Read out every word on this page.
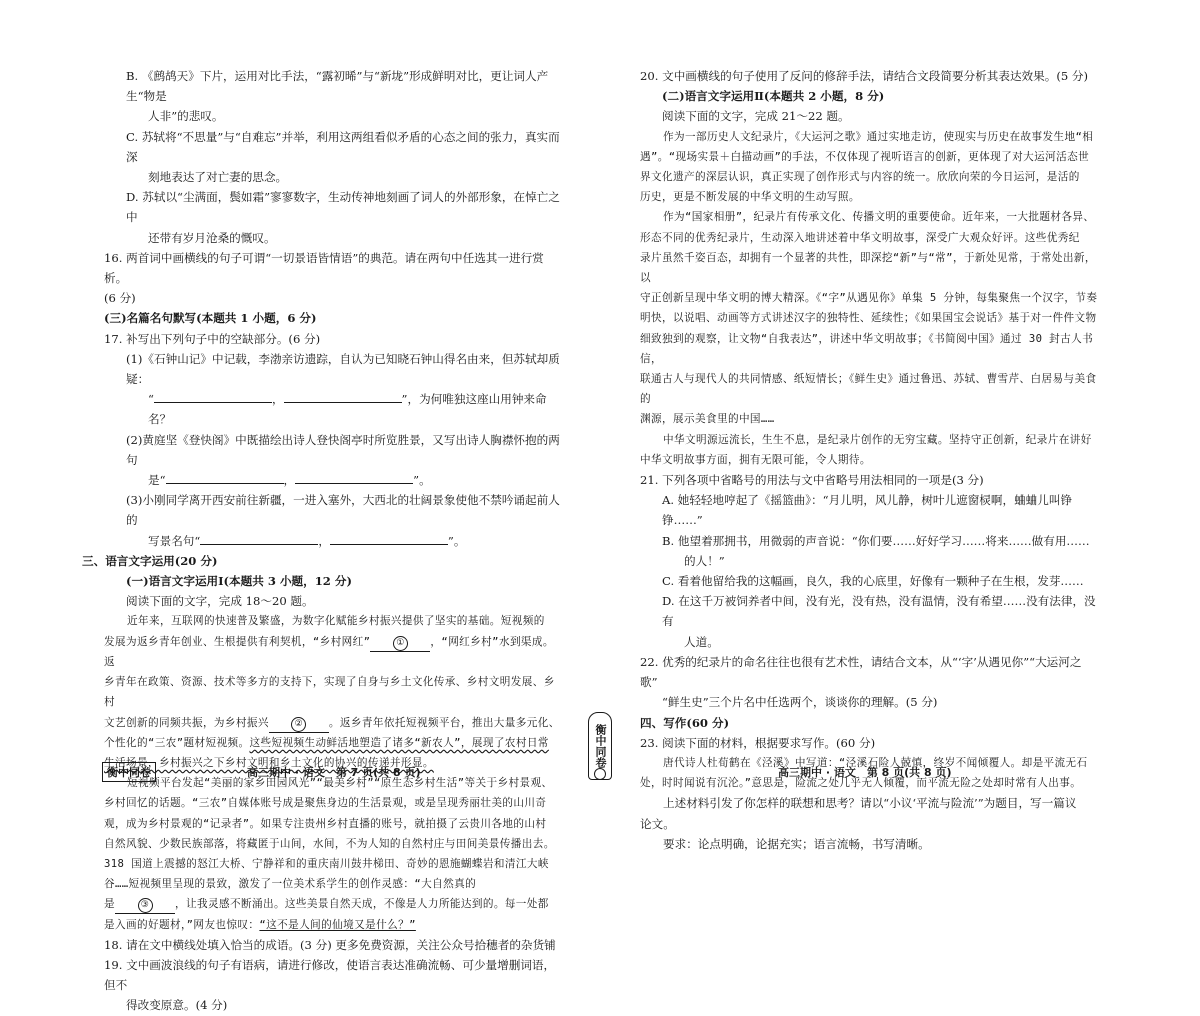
B. 《鹧鸪天》下片，运用对比手法，“露初晞”与“新垅”形成鲜明对比，更让词人产生“物是

人非”的悲叹。

C. 苏轼将“不思量”与“自难忘”并举，利用这两组看似矛盾的心态之间的张力，真实而深

刻地表达了对亡妻的思念。

D. 苏轼以“尘满面，鬓如霜”寥寥数字，生动传神地刻画了词人的外部形象，在悼亡之中

还带有岁月沧桑的慨叹。

16. 两首词中画横线的句子可谓“一切景语皆情语”的典范。请在两句中任选其一进行赏析。

(6 分)

(三)名篇名句默写(本题共 1 小题，6 分)

17. 补写出下列句子中的空缺部分。(6 分)

(1)《石钟山记》中记载，李渤亲访遗踪，自认为已知晓石钟山得名由来，但苏轼却质疑：

“	，	”，为何唯独这座山用钟来命名？

(2)黄庭坚《登快阁》中既描绘出诗人登快阁亭时所览胜景，又写出诗人胸襟怀抱的两句

是“	，	”。

(3)小刚同学离开西安前往新疆，一进入塞外，大西北的壮阔景象使他不禁吟诵起前人的

写景名句“	，	”。

三、语言文字运用(20 分)

(一)语言文字运用Ⅰ(本题共 3 小题，12 分)

阅读下面的文字，完成 18～20 题。

近年来，互联网的快速普及繁盛，为数字化赋能乡村振兴提供了坚实的基础。短视频的

发展为返乡青年创业、生根提供有利契机，“乡村网红”	① ，“网红乡村”水到渠成。返

乡青年在政策、资源、技术等多方的支持下，实现了自身与乡土文化传承、乡村文明发展、乡村

文艺创新的同频共振，为乡村振兴	② 。返乡青年依托短视频平台，推出大量多元化、

个性化的“三农”题材短视频。这些短视频生动鲜活地塑造了诸多“新农人”，展现了农村日常

生活场景，乡村振兴之下乡村文明和乡土文化的协兴的传递并形显。

短视频平台发起“美丽的家乡田园风光”“最美乡村”“原生态乡村生活”等关于乡村景观、

乡村回忆的话题。“三农”自媒体账号成是聚焦身边的生活景观，或是呈现秀丽壮美的山川奇

观，成为乡村景观的“记录者”。如果专注贵州乡村直播的账号，就拍摄了云贵川各地的山村

自然风貌、少数民族部落，将藏匿于山间，水间，不为人知的自然村庄与田间美景传播出去。

318 国道上震撼的怒江大桥、宁静祥和的重庆南川鼓井梯田、奇妙的恩施蝴蝶岩和清江大峡

谷……短视频里呈现的景致，激发了一位美术系学生的创作灵感：“大自然真的

是	③ ，让我灵感不断涌出。这些美景自然天成，不像是人力所能达到的。每一处都

是入画的好题材，”网友也惊叹：“这不是人间的仙境又是什么？”

18. 请在文中横线处填入恰当的成语。(3 分) 更多免费资源，关注公众号拾穗者的杂货铺

19. 文中画波浪线的句子有语病，请进行修改，使语言表达准确流畅、可少量增删词语，但不

得改变原意。(4 分)

20. 文中画横线的句子使用了反问的修辞手法，请结合文段简要分析其表达效果。(5 分)

(二)语言文字运用Ⅱ(本题共 2 小题，8 分)

阅读下面的文字，完成 21～22 题。

作为一部历史人文纪录片，《大运河之歌》通过实地走访，使现实与历史在故事发生地“相

遇”。“现场实景＋白描动画”的手法，不仅体现了视听语言的创新，更体现了对大运河活态世

界文化遗产的深层认识，真正实现了创作形式与内容的统一。欣欣向荣的今日运河，是活的

历史，更是不断发展的中华文明的生动写照。

作为“国家相册”，纪录片有传承文化、传播文明的重要使命。近年来，一大批题材各异、

形态不同的优秀纪录片，生动深入地讲述着中华文明故事，深受广大观众好评。这些优秀纪

录片虽然千姿百态，却拥有一个显著的共性，即深挖“新”与“常”，于新处见常，于常处出新，以

守正创新呈现中华文明的博大精深。《“字”从遇见你》单集 5 分钟，每集聚焦一个汉字，节奏

明快，以说唱、动画等方式讲述汉字的独特性、延续性；《如果国宝会说话》基于对一件件文物

细致独到的观察，让文物“自我表达”，讲述中华文明故事；《书简阅中国》通过 30 封古人书信，

联通古人与现代人的共同情感、纸短情长；《鲜生史》通过鲁迅、苏轼、曹雪芹、白居易与美食的

渊源，展示美食里的中国……

中华文明源远流长，生生不息，是纪录片创作的无穷宝藏。坚持守正创新，纪录片在讲好

中华文明故事方面，拥有无限可能，令人期待。

21. 下列各项中省略号的用法与文中省略号用法相同的一项是(3 分)

A. 她轻轻地哼起了《摇篮曲》：“月儿明，风儿静，树叶儿遮窗棂啊，蛐蛐儿叫铮铮……”

B. 他望着那拥书，用微弱的声音说：“你们要……好好学习……将来……做有用……

的人！”

C. 看着他留给我的这幅画，良久，我的心底里，好像有一颗种子在生根，发芽……

D. 在这千万被饲养者中间，没有光，没有热，没有温情，没有希望……没有法律，没有

人道。

22. 优秀的纪录片的命名往往也很有艺术性，请结合文本，从“‘字’从遇见你”“大运河之歌”

“鲜生史”三个片名中任选两个，谈谈你的理解。(5 分)

四、写作(60 分)

23. 阅读下面的材料，根据要求写作。(60 分)

唐代诗人杜荀鹤在《泾溪》中写道：“泾溪石险人兢慎，终岁不闻倾覆人。却是平流无石

处，时时闻说有沉沦。”意思是，险流之处几乎无人倾覆，而平流无险之处却时常有人出事。

上述材料引发了你怎样的联想和思考？请以“小议‘平流与险流’”为题目，写一篇议

论文。

要求：论点明确，论据充实；语言流畅，书写清晰。

衡中同卷	高三期中 · 语文　第 7 页(共 8 页)	高三期中 · 语文　第 8 页(共 8 页)
衡中同卷
